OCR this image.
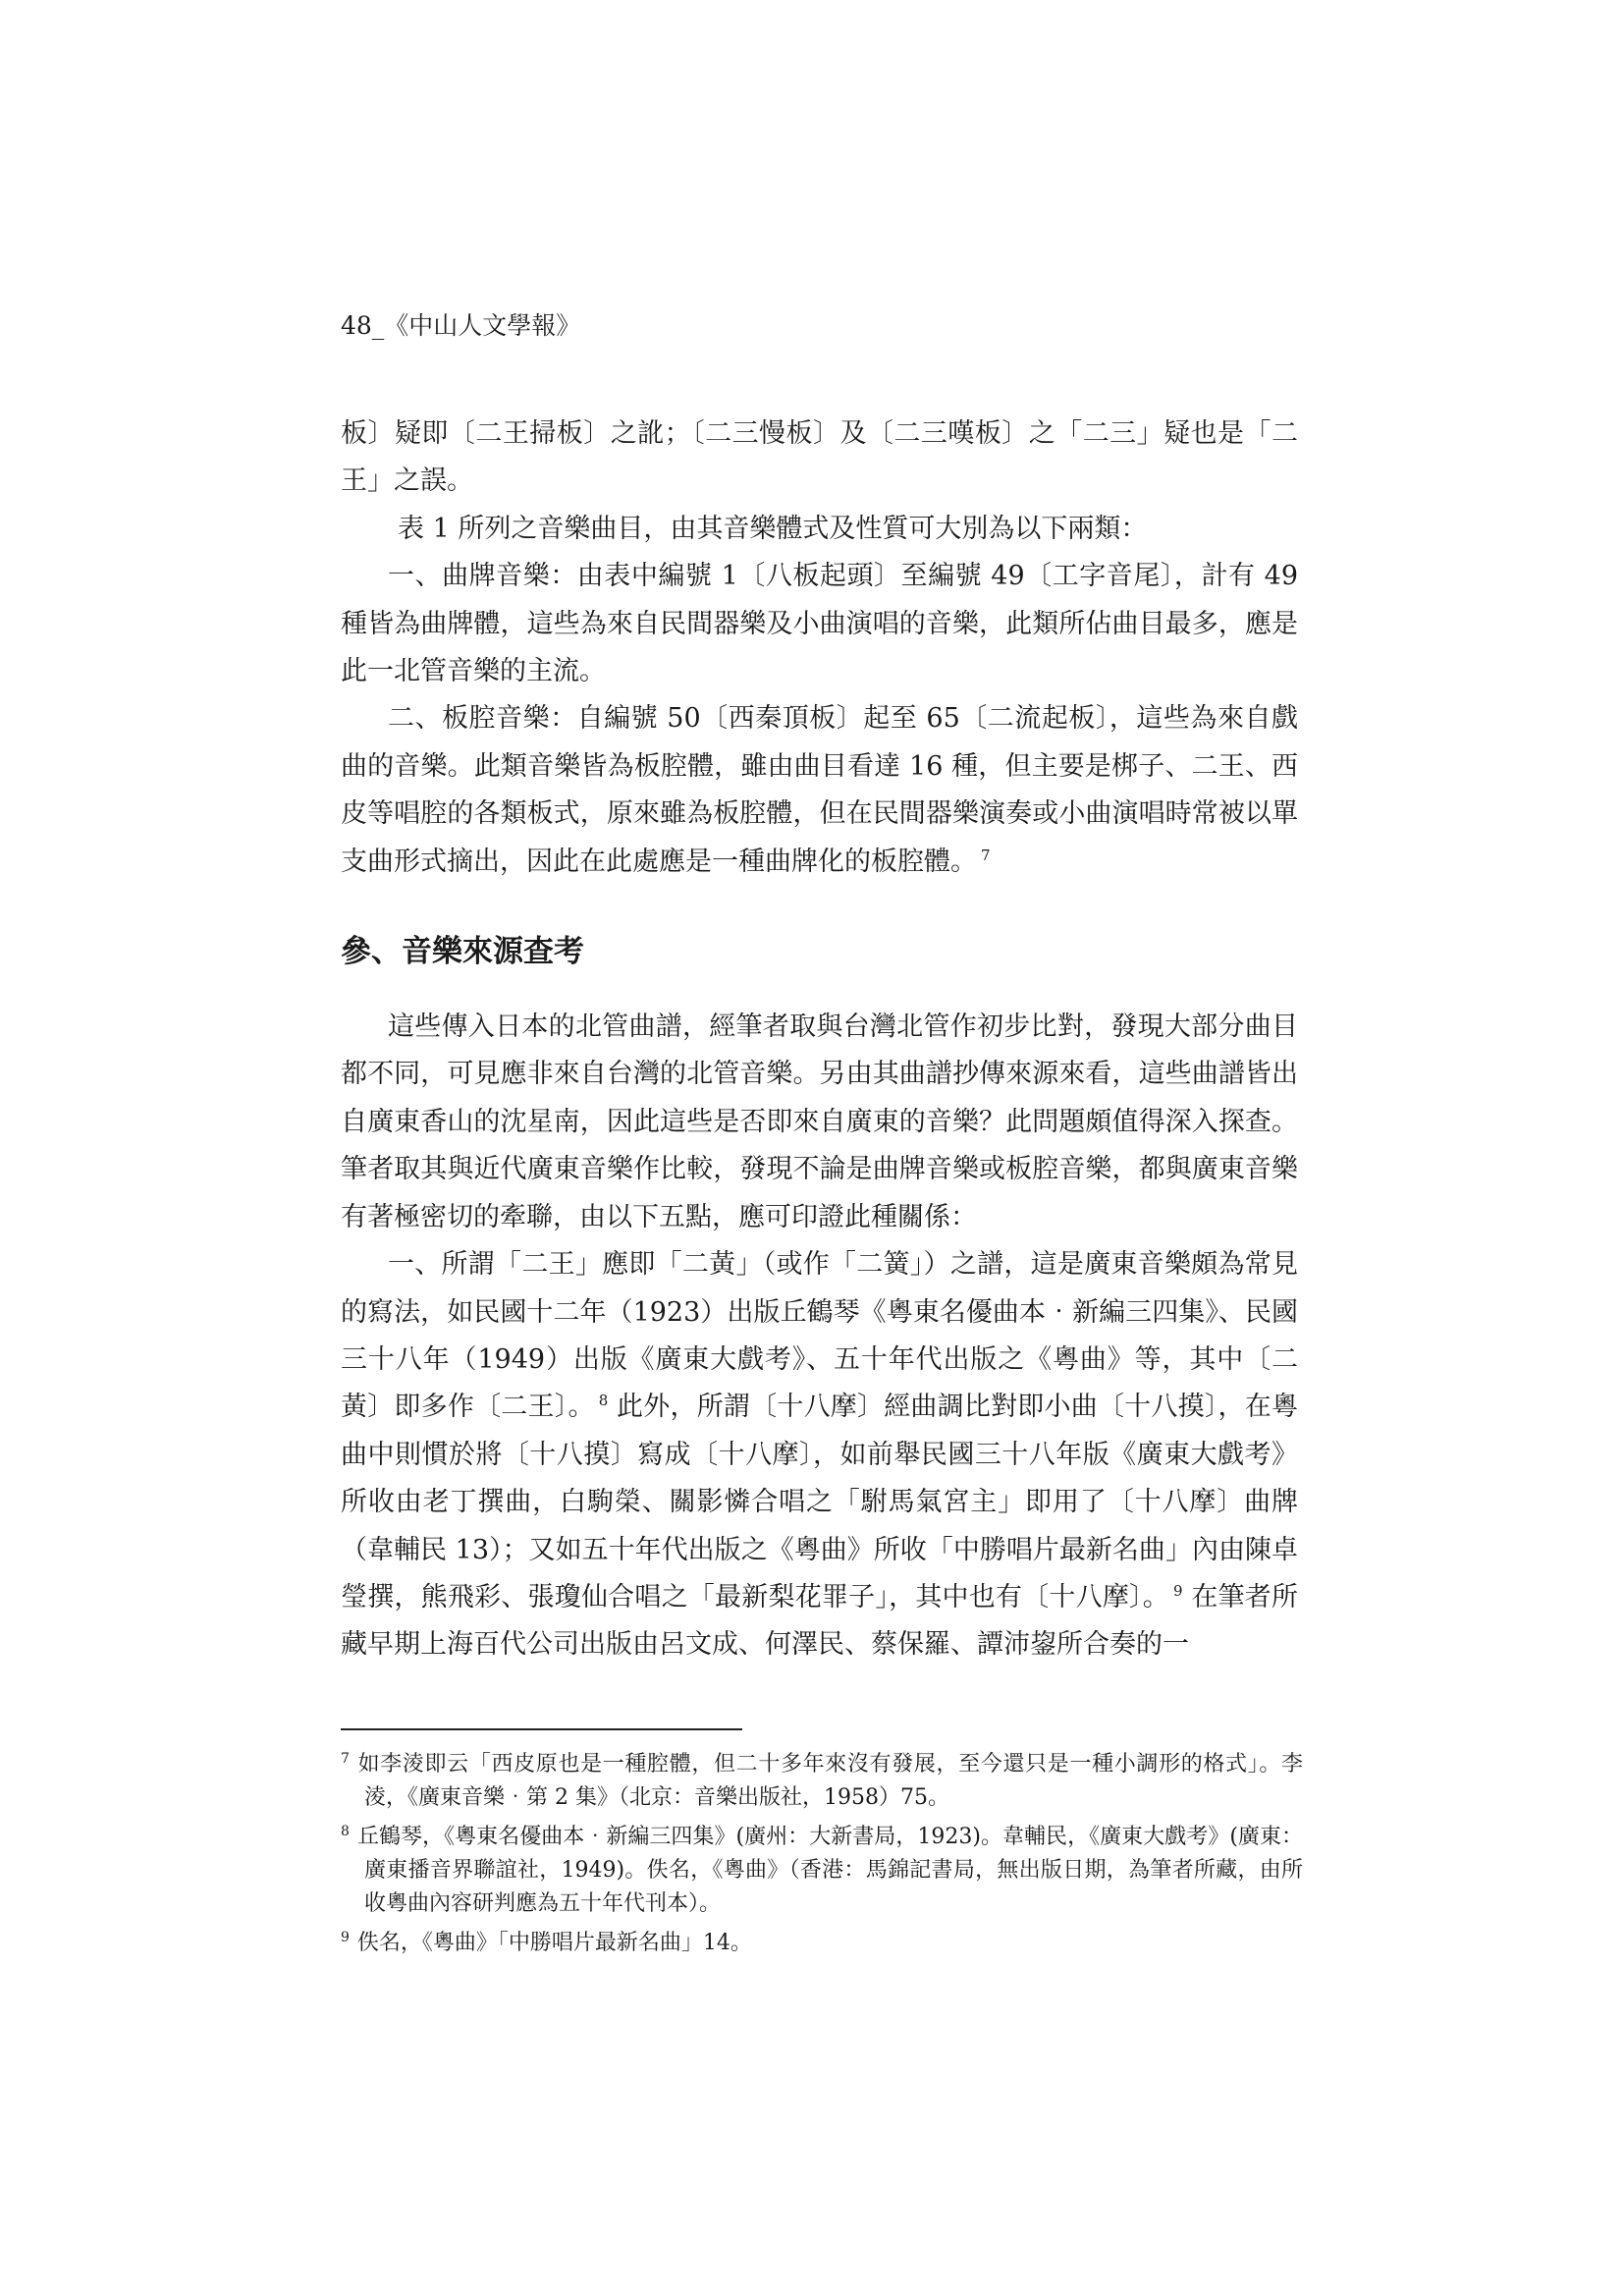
48_《中山人文學報》

板〕疑即〔二王掃板〕之訛；〔二三慢板〕及〔二三嘆板〕之「二三」疑也是「二王」之誤。

表 1 所列之音樂曲目，由其音樂體式及性質可大別為以下兩類：

一、曲牌音樂：由表中編號 1〔八板起頭〕至編號 49〔工字音尾〕，計有 49 種皆為曲牌體，這些為來自民間器樂及小曲演唱的音樂，此類所佔曲目最多，應是此一北管音樂的主流。

二、板腔音樂：自編號 50〔西秦頂板〕起至 65〔二流起板〕，這些為來自戲曲的音樂。此類音樂皆為板腔體，雖由曲目看達 16 種，但主要是梆子、二王、西皮等唱腔的各類板式，原來雖為板腔體，但在民間器樂演奏或小曲演唱時常被以單支曲形式摘出，因此在此處應是一種曲牌化的板腔體。 $^7$

參、音樂來源查考

這些傳入日本的北管曲譜，經筆者取與台灣北管作初步比對，發現大部分曲目都不同，可見應非來自台灣的北管音樂。另由其曲譜抄傳來源來看，這些曲譜皆出自廣東香山的沈星南，因此這些是否即來自廣東的音樂？此問題頗值得深入探查。筆者取其與近代廣東音樂作比較，發現不論是曲牌音樂或板腔音樂，都與廣東音樂有著極密切的牽聯，由以下五點，應可印證此種關係：

一、所謂「二王」應即「二黃」（或作「二簧」）之譜，這是廣東音樂頗為常見的寫法，如民國十二年（1923）出版丘鶴琴《粵東名優曲本‧新編三四集》、民國三十八年（1949）出版《廣東大戲考》、五十年代出版之《粵曲》等，其中〔二黃〕即多作〔二王〕。 $^8$ 此外，所謂〔十八摩〕經曲調比對即小曲〔十八摸〕，在粵曲中則慣於將〔十八摸〕寫成〔十八摩〕，如前舉民國三十八年版《廣東大戲考》所收由老丁撰曲，白駒榮、關影憐合唱之「駙馬氣宮主」即用了〔十八摩〕曲牌（韋輔民 13）；又如五十年代出版之《粵曲》所收「中勝唱片最新名曲」內由陳卓瑩撰，熊飛彩、張瓊仙合唱之「最新梨花罪子」，其中也有〔十八摩〕。 $^9$ 在筆者所藏早期上海百代公司出版由呂文成、何澤民、蔡保羅、譚沛鋆所合奏的一

$^7$ 如李淩即云「西皮原也是一種腔體，但二十多年來沒有發展，至今還只是一種小調形的格式」。李淩，《廣東音樂‧第 2 集》（北京：音樂出版社，1958）75。

$^8$ 丘鶴琴，《粵東名優曲本‧新編三四集》(廣州：大新書局，1923)。韋輔民，《廣東大戲考》(廣東：廣東播音界聯誼社，1949)。佚名，《粵曲》（香港：馬錦記書局，無出版日期，為筆者所藏，由所收粵曲內容研判應為五十年代刊本）。

$^9$ 佚名，《粵曲》「中勝唱片最新名曲」14。
